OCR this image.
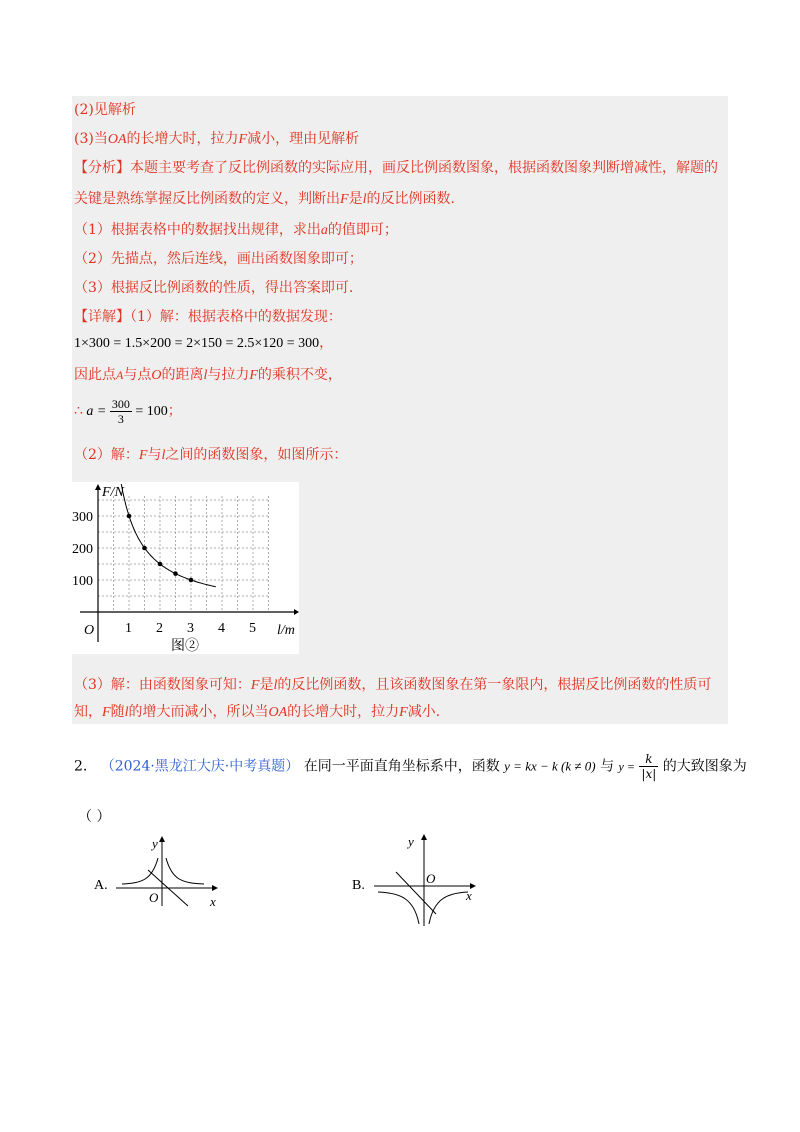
(2)见解析
(3)当OA的长增大时，拉力F减小，理由见解析
【分析】本题主要考查了反比例函数的实际应用，画反比例函数图象，根据函数图象判断增减性，解题的
关键是熟练掌握反比例函数的定义，判断出F是l的反比例函数.
（1）根据表格中的数据找出规律，求出a的值即可；
（2）先描点，然后连线，画出函数图象即可；
（3）根据反比例函数的性质，得出答案即可.
【详解】（1）解：根据表格中的数据发现：
1×300 = 1.5×200 = 2×150 = 2.5×120 = 300，
因此点A与点O的距离l与拉力F的乘积不变，
∴ $a = \frac{300}{3} = 100$；
（2）解：F与l之间的函数图象，如图所示：
F/N
l/m
O 1 2 3 4 5
100
200
300
图②
（3）解：由函数图象可知：F是l的反比例函数，且该函数图象在第一象限内，根据反比例函数的性质可
知，F随l的增大而减小，所以当OA的长增大时，拉力F减小.
2. （2024·黑龙江大庆·中考真题） 在同一平面直角坐标系中，函数 y = kx − k (k ≠ 0) 与 $y = \frac{k}{|x|}$ 的大致图象为
（ ）
A.
y
x
O
B.
y
x
O
